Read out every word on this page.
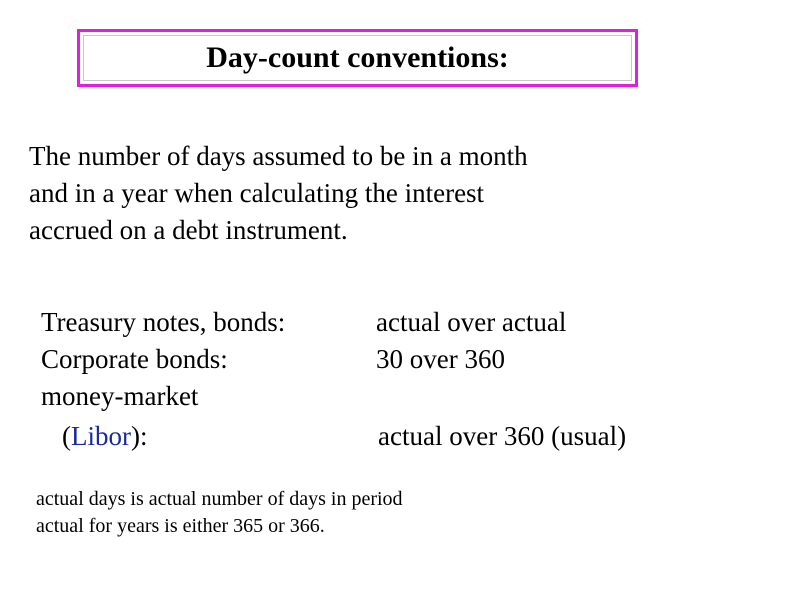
Day-count conventions:
The number of days assumed to be in a month
and in a year when calculating the interest
accrued on a debt instrument.
Treasury notes, bonds:	actual over actual
Corporate bonds:	30 over 360
money-market
(Libor):	actual over 360 (usual)
actual days is actual number of days in period
actual for years is either 365 or 366.
